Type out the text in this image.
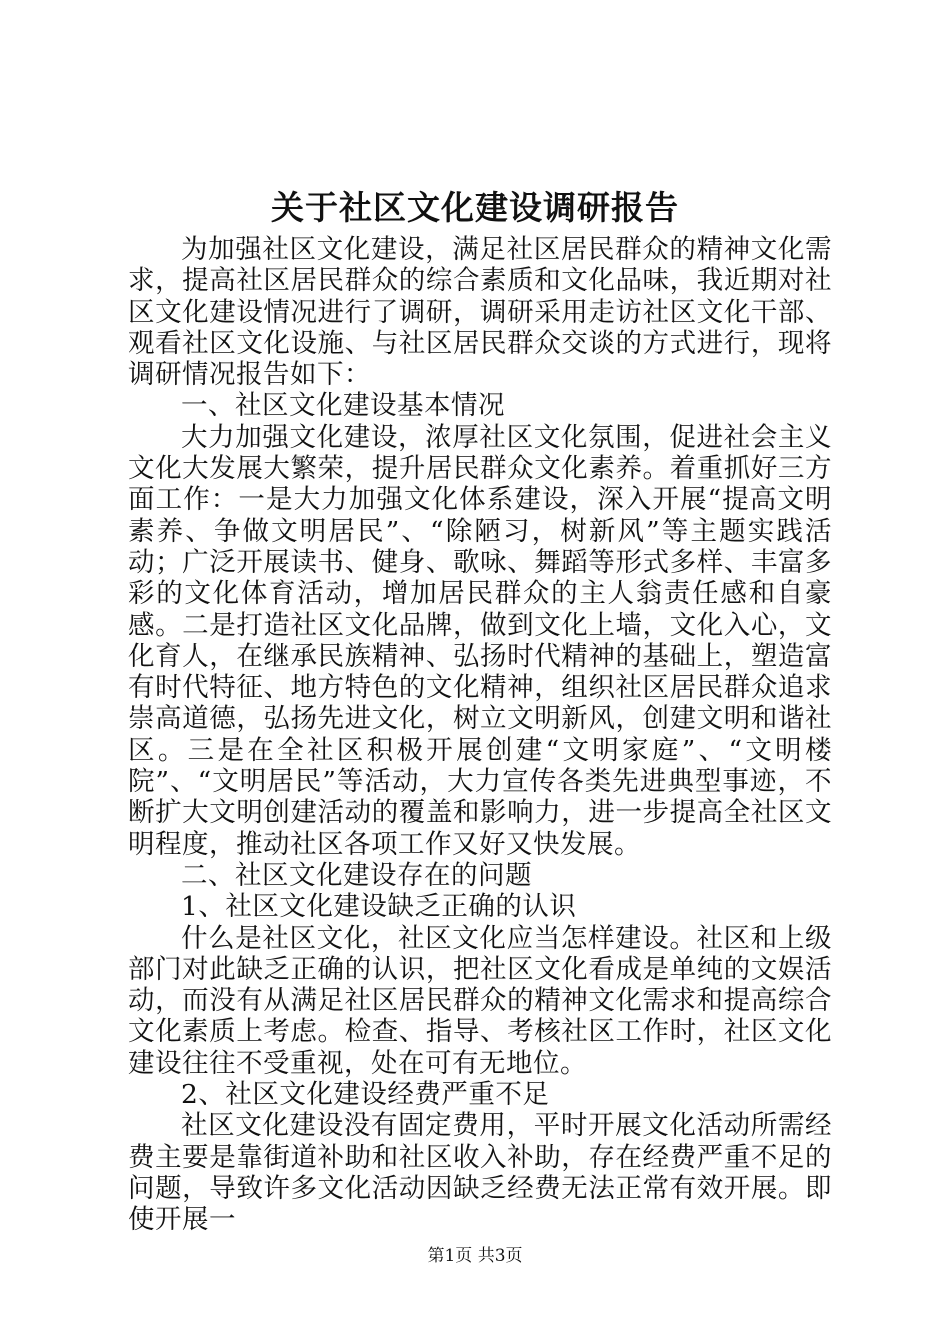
关于社区文化建设调研报告

为加强社区文化建设，满足社区居民群众的精神文化需求，提高社区居民群众的综合素质和文化品味，我近期对社区文化建设情况进行了调研，调研采用走访社区文化干部、观看社区文化设施、与社区居民群众交谈的方式进行，现将调研情况报告如下：

一、社区文化建设基本情况

大力加强文化建设，浓厚社区文化氛围，促进社会主义文化大发展大繁荣，提升居民群众文化素养。着重抓好三方面工作：一是大力加强文化体系建设，深入开展“提高文明素养、争做文明居民”、“除陋习，树新风”等主题实践活动；广泛开展读书、健身、歌咏、舞蹈等形式多样、丰富多彩的文化体育活动，增加居民群众的主人翁责任感和自豪感。二是打造社区文化品牌，做到文化上墙，文化入心，文化育人，在继承民族精神、弘扬时代精神的基础上，塑造富有时代特征、地方特色的文化精神，组织社区居民群众追求崇高道德，弘扬先进文化，树立文明新风，创建文明和谐社区。三是在全社区积极开展创建“文明家庭”、“文明楼院”、“文明居民”等活动，大力宣传各类先进典型事迹，不断扩大文明创建活动的覆盖和影响力，进一步提高全社区文明程度，推动社区各项工作又好又快发展。

二、社区文化建设存在的问题

1、社区文化建设缺乏正确的认识

什么是社区文化，社区文化应当怎样建设。社区和上级部门对此缺乏正确的认识，把社区文化看成是单纯的文娱活动，而没有从满足社区居民群众的精神文化需求和提高综合文化素质上考虑。检查、指导、考核社区工作时，社区文化建设往往不受重视，处在可有无地位。

2、社区文化建设经费严重不足

社区文化建设没有固定费用，平时开展文化活动所需经费主要是靠街道补助和社区收入补助，存在经费严重不足的问题，导致许多文化活动因缺乏经费无法正常有效开展。即使开展一

第1页 共3页
